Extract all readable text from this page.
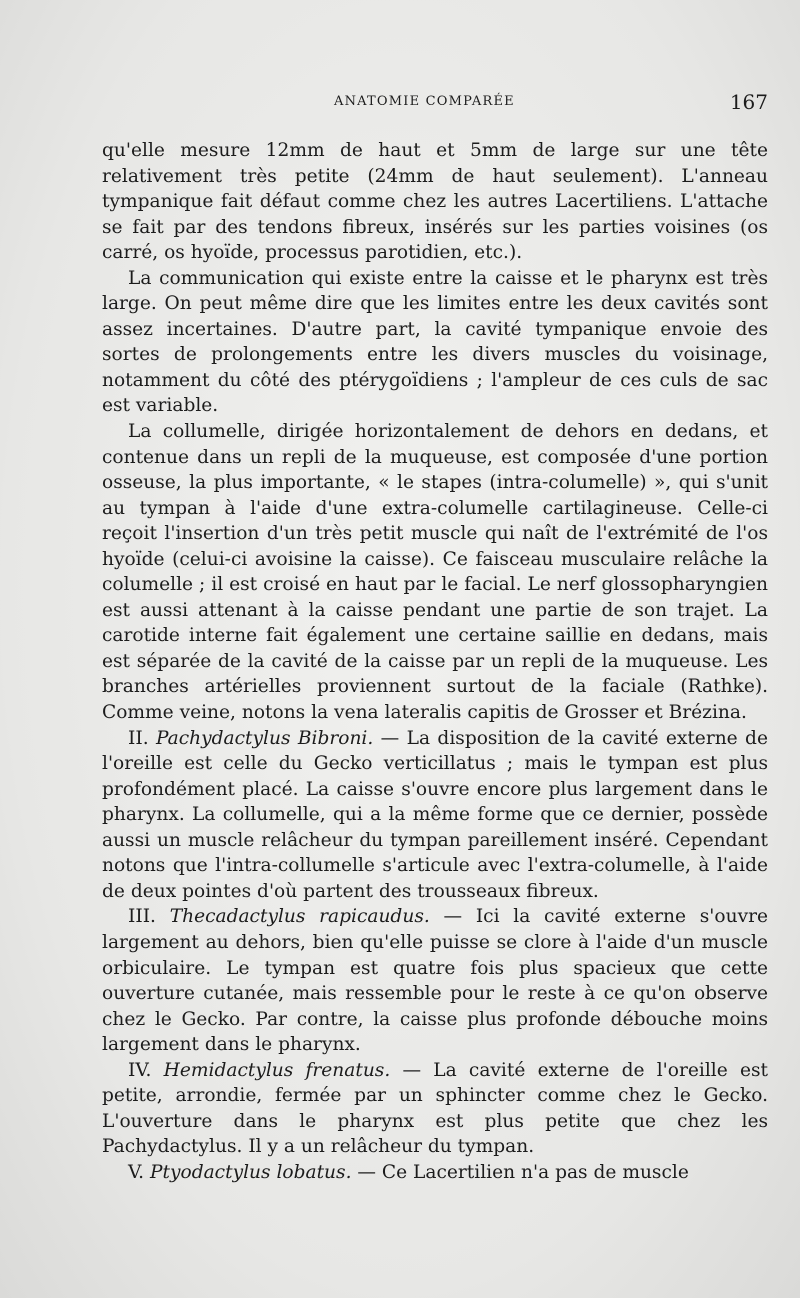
ANATOMIE COMPARÉE	167

qu'elle mesure 12mm de haut et 5mm de large sur une tête relativement très petite (24mm de haut seulement). L'anneau tympanique fait défaut comme chez les autres Lacertiliens. L'attache se fait par des tendons fibreux, insérés sur les parties voisines (os carré, os hyoïde, processus parotidien, etc.).

La communication qui existe entre la caisse et le pharynx est très large. On peut même dire que les limites entre les deux cavités sont assez incertaines. D'autre part, la cavité tympanique envoie des sortes de prolongements entre les divers muscles du voisinage, notamment du côté des ptérygoïdiens ; l'ampleur de ces culs de sac est variable.

La collumelle, dirigée horizontalement de dehors en dedans, et contenue dans un repli de la muqueuse, est composée d'une portion osseuse, la plus importante, « le stapes (intra-columelle) », qui s'unit au tympan à l'aide d'une extra-columelle cartilagineuse. Celle-ci reçoit l'insertion d'un très petit muscle qui naît de l'extrémité de l'os hyoïde (celui-ci avoisine la caisse). Ce faisceau musculaire relâche la columelle ; il est croisé en haut par le facial. Le nerf glossopharyngien est aussi attenant à la caisse pendant une partie de son trajet. La carotide interne fait également une certaine saillie en dedans, mais est séparée de la cavité de la caisse par un repli de la muqueuse. Les branches artérielles proviennent surtout de la faciale (Rathke). Comme veine, notons la vena lateralis capitis de Grosser et Brézina.

II. Pachydactylus Bibroni. — La disposition de la cavité externe de l'oreille est celle du Gecko verticillatus ; mais le tympan est plus profondément placé. La caisse s'ouvre encore plus largement dans le pharynx. La collumelle, qui a la même forme que ce dernier, possède aussi un muscle relâcheur du tympan pareillement inséré. Cependant notons que l'intra-collumelle s'articule avec l'extra-columelle, à l'aide de deux pointes d'où partent des trousseaux fibreux.

III. Thecadactylus rapicaudus. — Ici la cavité externe s'ouvre largement au dehors, bien qu'elle puisse se clore à l'aide d'un muscle orbiculaire. Le tympan est quatre fois plus spacieux que cette ouverture cutanée, mais ressemble pour le reste à ce qu'on observe chez le Gecko. Par contre, la caisse plus profonde débouche moins largement dans le pharynx.

IV. Hemidactylus frenatus. — La cavité externe de l'oreille est petite, arrondie, fermée par un sphincter comme chez le Gecko. L'ouverture dans le pharynx est plus petite que chez les Pachydactylus. Il y a un relâcheur du tympan.

V. Ptyodactylus lobatus. — Ce Lacertilien n'a pas de muscle
